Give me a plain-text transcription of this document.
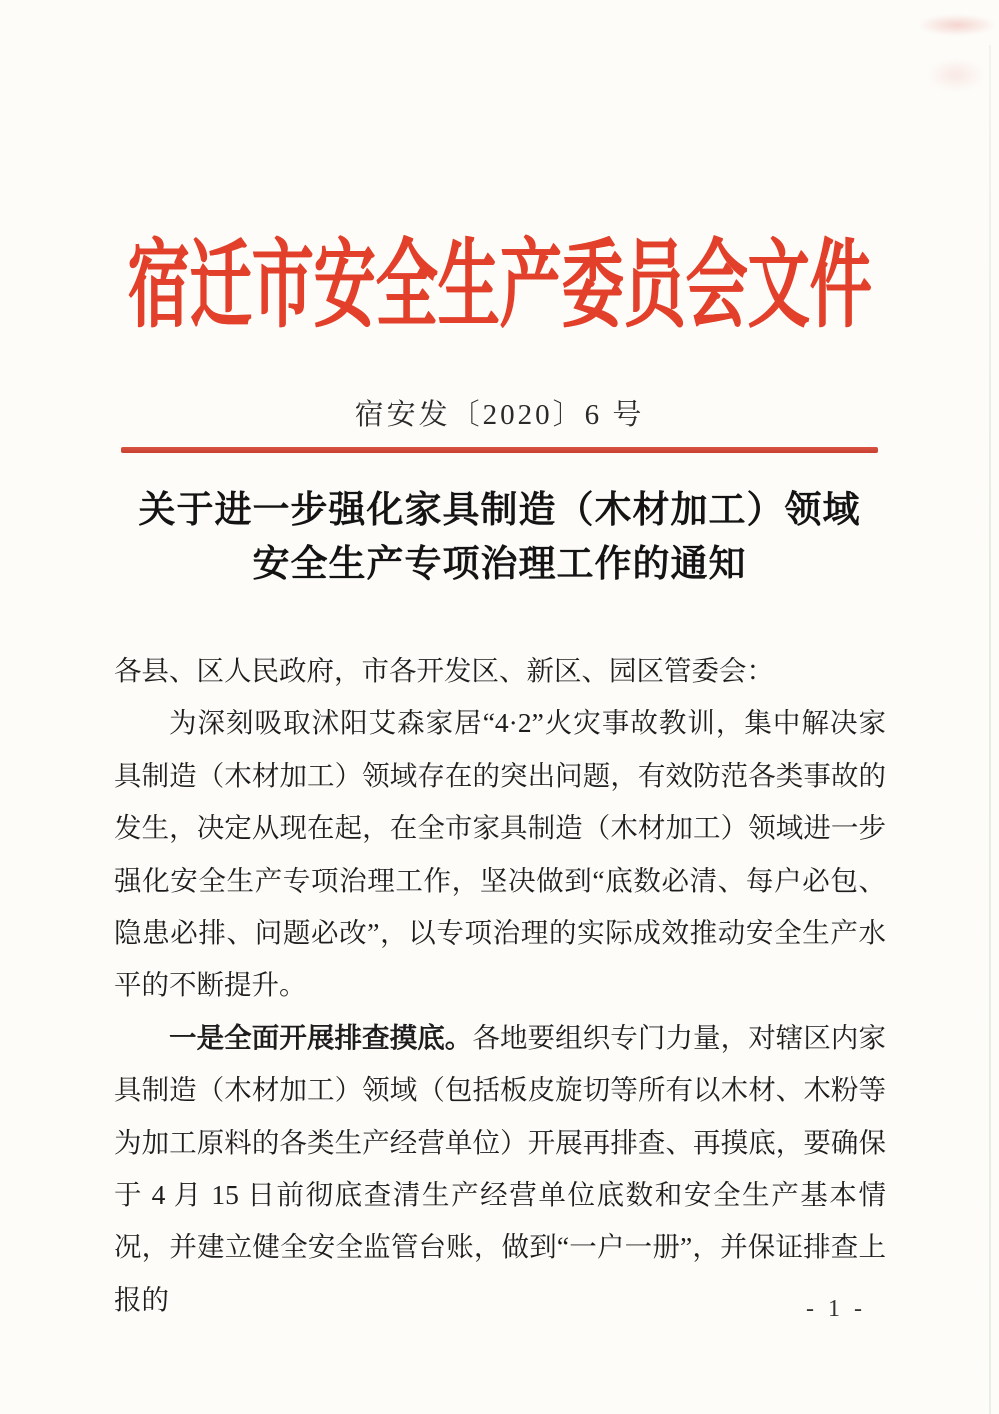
宿迁市安全生产委员会文件
宿安发〔2020〕6 号
关于进一步强化家具制造（木材加工）领域
安全生产专项治理工作的通知

各县、区人民政府，市各开发区、新区、园区管委会：

为深刻吸取沭阳艾森家居“4·2”火灾事故教训，集中解决家具制造（木材加工）领域存在的突出问题，有效防范各类事故的发生，决定从现在起，在全市家具制造（木材加工）领域进一步强化安全生产专项治理工作，坚决做到“底数必清、每户必包、隐患必排、问题必改”，以专项治理的实际成效推动安全生产水平的不断提升。

一是全面开展排查摸底。各地要组织专门力量，对辖区内家具制造（木材加工）领域（包括板皮旋切等所有以木材、木粉等为加工原料的各类生产经营单位）开展再排查、再摸底，要确保于 4 月 15 日前彻底查清生产经营单位底数和安全生产基本情况，并建立健全安全监管台账，做到“一户一册”，并保证排查上报的	- 1 -
